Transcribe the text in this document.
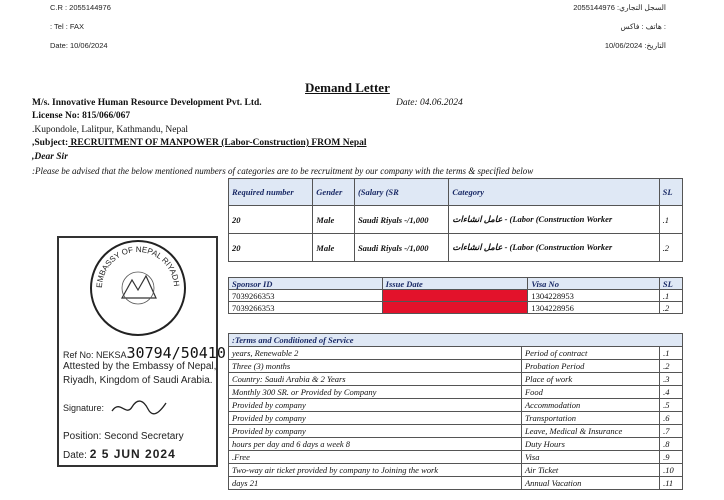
C.R : 2055144976
: Tel : FAX
Date: 10/06/2024
2055144976 :السجل التجاري
هاتف : فاكس :
10/06/2024 :التاريخ
Demand Letter
M/s. Innovative Human Resource Development Pvt. Ltd.	Date: 04.06.2024
License No: 815/066/067
.Kupondole, Lalitpur, Kathmandu, Nepal
,Subject: RECRUITMENT OF MANPOWER (Labor-Construction) FROM Nepal
,Dear Sir
:Please be advised that the below mentioned numbers of categories are to be recruitment by our company with the terms & specified below
Required number	Gender	(Salary (SR	Category	SL
20	Male	Saudi Riyals -/1,000	عامل انشاءات - (Labor (Construction Worker	.1
20	Male	Saudi Riyals -/1,000	عامل انشاءات - (Labor (Construction Worker	.2
Sponsor ID	Issue Date	Visa No	SL
7039266353		1304228953	.1
7039266353		1304228956	.2
:Terms and Conditioned of Service		
years, Renewable 2	Period of contract	.1
Three (3) months	Probation Period	.2
Country: Saudi Arabia & 2 Years	Place of work	.3
Monthly 300 SR. or Provided by Company	Food	.4
Provided by company	Accommodation	.5
Provided by company	Transportation	.6
Provided by company	Leave, Medical & Insurance	.7
hours per day and 6 days a week 8	Duty Hours	.8
.Free	Visa	.9
Two-way air ticket provided by company to Joining the work	Air Ticket	.10
days 21	Annual Vacation	.11
EMBASSY OF NEPAL RIYADH
Ref No: NEKSA30794/50410
Attested by the Embassy of Nepal,
Riyadh, Kingdom of Saudi Arabia.
Signature:
Position: Second Secretary
Date: 2 5 JUN 2024
